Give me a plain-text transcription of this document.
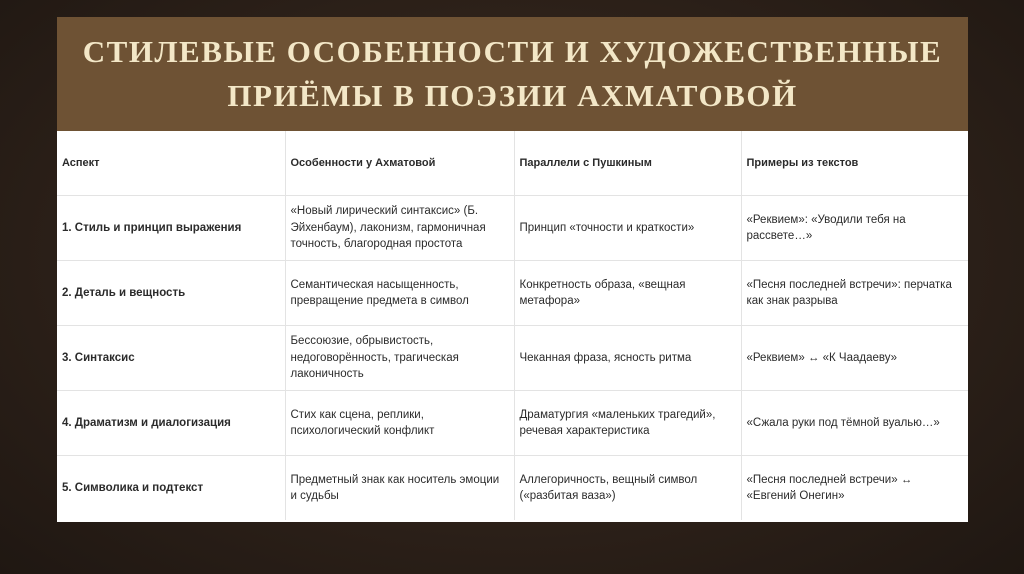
СТИЛЕВЫЕ ОСОБЕННОСТИ И ХУДОЖЕСТВЕННЫЕ
ПРИЁМЫ В ПОЭЗИИ АХМАТОВОЙ
Аспект	Особенности у Ахматовой	Параллели с Пушкиным	Примеры из текстов
1. Стиль и принцип выражения	«Новый лирический синтаксис» (Б. Эйхенбаум), лаконизм, гармоничная точность, благородная простота	Принцип «точности и краткости»	«Реквием»: «Уводили тебя на рассвете…»
2. Деталь и вещность	Семантическая насыщенность, превращение предмета в символ	Конкретность образа, «вещная метафора»	«Песня последней встречи»: перчатка как знак разрыва
3. Синтаксис	Бессоюзие, обрывистость, недоговорённость, трагическая лаконичность	Чеканная фраза, ясность ритма	«Реквием» ↔ «К Чаадаеву»
4. Драматизм и диалогизация	Стих как сцена, реплики, психологический конфликт	Драматургия «маленьких трагедий», речевая характеристика	«Сжала руки под тёмной вуалью…»
5. Символика и подтекст	Предметный знак как носитель эмоции и судьбы	Аллегоричность, вещный символ («разбитая ваза»)	«Песня последней встречи» ↔ «Евгений Онегин»
